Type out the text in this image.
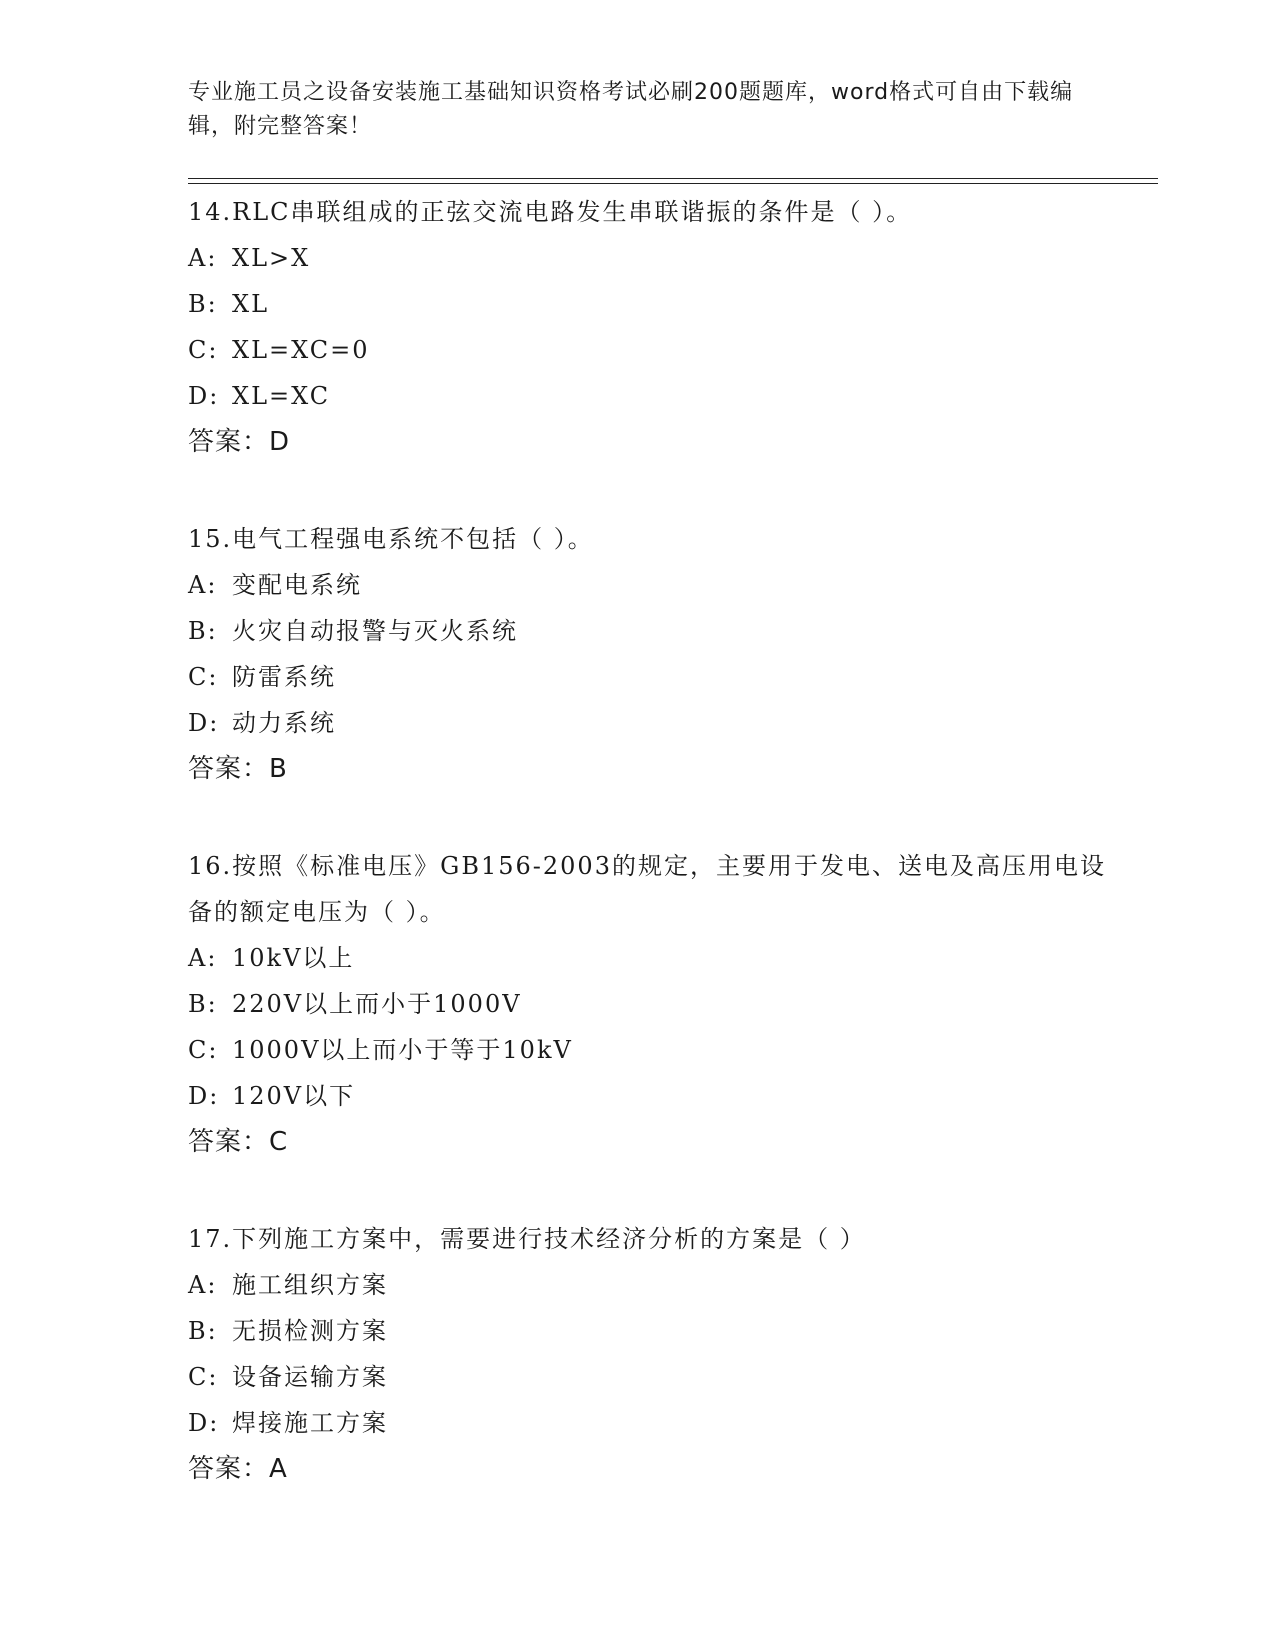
专业施工员之设备安装施工基础知识资格考试必刷200题题库，word格式可自由下载编辑，附完整答案！
14.RLC串联组成的正弦交流电路发生串联谐振的条件是（ ）。
A: XL>X
B: XL
C: XL=XC=0
D: XL=XC
答案：D
15.电气工程强电系统不包括（ ）。
A: 变配电系统
B: 火灾自动报警与灭火系统
C: 防雷系统
D: 动力系统
答案：B
16.按照《标准电压》GB156-2003的规定，主要用于发电、送电及高压用电设备的额定电压为（ ）。
A: 10kV以上
B: 220V以上而小于1000V
C: 1000V以上而小于等于10kV
D: 120V以下
答案：C
17.下列施工方案中，需要进行技术经济分析的方案是（ ）
A: 施工组织方案
B: 无损检测方案
C: 设备运输方案
D: 焊接施工方案
答案：A
